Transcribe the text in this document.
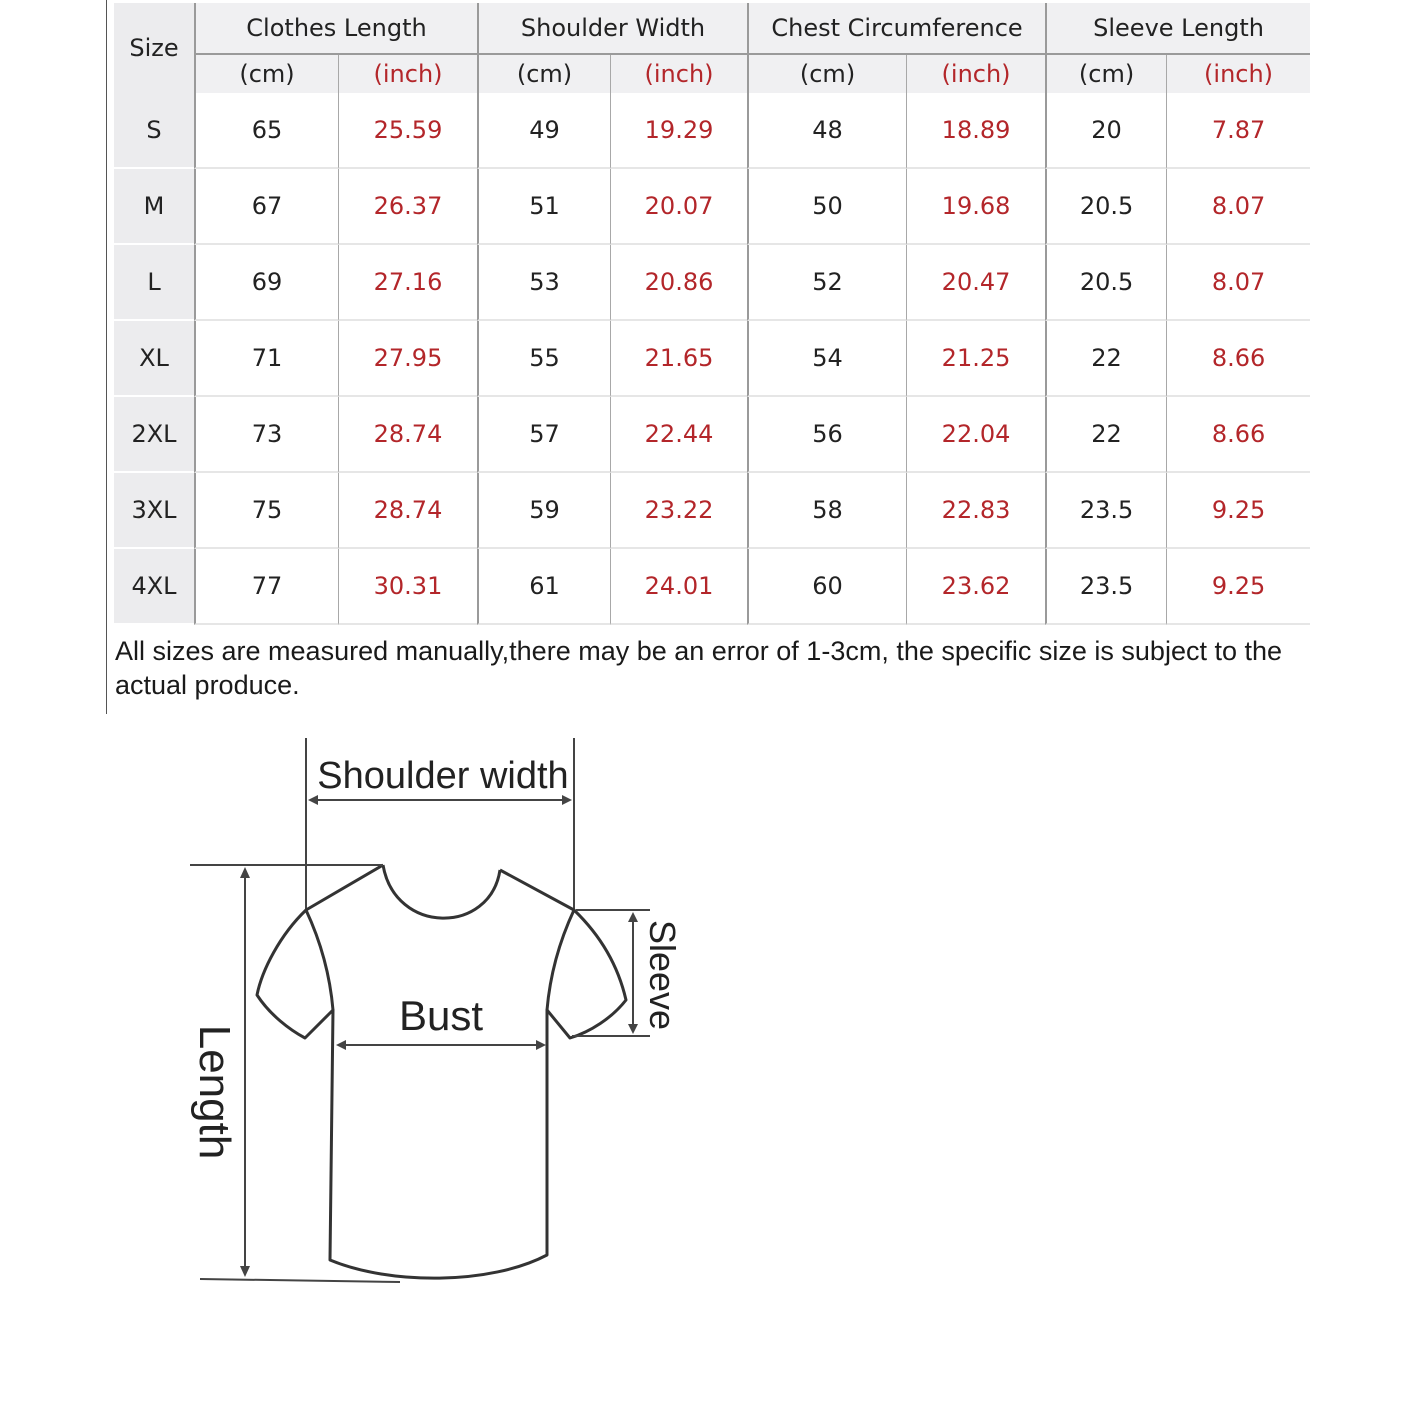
Size	Clothes Length		Shoulder Width		Chest Circumference		Sleeve Length	
	(cm)	(inch)	(cm)	(inch)	(cm)	(inch)	(cm)	(inch)
S	65	25.59	49	19.29	48	18.89	20	7.87
M	67	26.37	51	20.07	50	19.68	20.5	8.07
L	69	27.16	53	20.86	52	20.47	20.5	8.07
XL	71	27.95	55	21.65	54	21.25	22	8.66
2XL	73	28.74	57	22.44	56	22.04	22	8.66
3XL	75	28.74	59	23.22	58	22.83	23.5	9.25
4XL	77	30.31	61	24.01	60	23.62	23.5	9.25
All sizes are measured manually,there may be an error of 1-3cm, the specific size is subject to the actual produce.
Shoulder width
Bust	Sleeve
Length
